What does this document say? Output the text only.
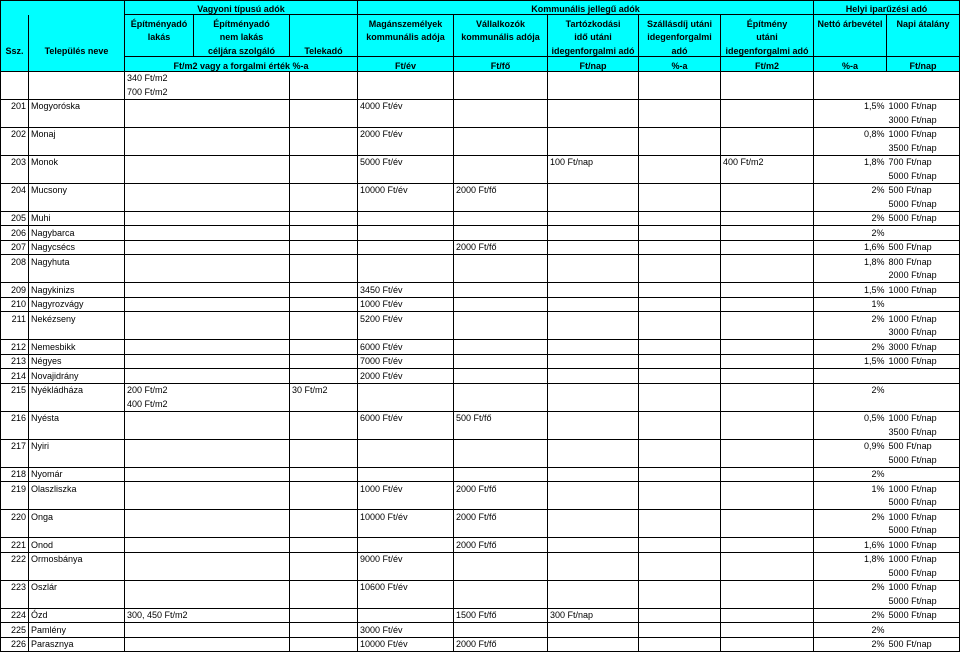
		Vagyoni típusú adók			Kommunális jellegű adók					Helyi iparűzési adó	
Ssz.	Település neve	Építményadó	Építményadó	Telekadó	Magánszemélyek	Vállalkozók	Tartózkodási	Szállásdíj utáni	Építmény	Nettó árbevétel	Napi átalány
		lakás	nem lakás		kommunális adója	kommunális adója	idő utáni	idegenforgalmi	utáni		
			céljára szolgáló				idegenforgalmi adó	adó	idegenforgalmi adó		
		Ft/m2 vagy a forgalmi érték %-a			Ft/év	Ft/fő	Ft/nap	%-a	Ft/m2	%-a	Ft/nap
		340 Ft/m2									
		700 Ft/m2									
201	Mogyoróska				4000 Ft/év					1,5%	1000 Ft/nap
											3000 Ft/nap
202	Monaj				2000 Ft/év					0,8%	1000 Ft/nap
											3500 Ft/nap
203	Monok				5000 Ft/év		100 Ft/nap		400 Ft/m2	1,8%	700 Ft/nap
											5000 Ft/nap
204	Mucsony				10000 Ft/év	2000 Ft/fő				2%	500 Ft/nap
											5000 Ft/nap
205	Muhi									2%	5000 Ft/nap
206	Nagybarca									2%	
207	Nagycsécs					2000 Ft/fő				1,6%	500 Ft/nap
208	Nagyhuta									1,8%	800 Ft/nap
											2000 Ft/nap
209	Nagykinizs				3450 Ft/év					1,5%	1000 Ft/nap
210	Nagyrozvágy				1000 Ft/év					1%	
211	Nekézseny				5200 Ft/év					2%	1000 Ft/nap
											3000 Ft/nap
212	Nemesbikk				6000 Ft/év					2%	3000 Ft/nap
213	Négyes				7000 Ft/év					1,5%	1000 Ft/nap
214	Novajidrány				2000 Ft/év						
215	Nyékládháza	200 Ft/m2		30 Ft/m2						2%	
		400 Ft/m2									
216	Nyésta				6000 Ft/év	500 Ft/fő				0,5%	1000 Ft/nap
											3500 Ft/nap
217	Nyiri									0,9%	500 Ft/nap
											5000 Ft/nap
218	Nyomár									2%	
219	Olaszliszka				1000 Ft/év	2000 Ft/fő				1%	1000 Ft/nap
											5000 Ft/nap
220	Onga				10000 Ft/év	2000 Ft/fő				2%	1000 Ft/nap
											5000 Ft/nap
221	Onod					2000 Ft/fő				1,6%	1000 Ft/nap
222	Ormosbánya				9000 Ft/év					1,8%	1000 Ft/nap
											5000 Ft/nap
223	Oszlár				10600 Ft/év					2%	1000 Ft/nap
											5000 Ft/nap
224	Ózd	300, 450 Ft/m2				1500 Ft/fő	300 Ft/nap			2%	5000 Ft/nap
225	Pamlény				3000 Ft/év					2%	
226	Parasznya				10000 Ft/év	2000 Ft/fő				2%	500 Ft/nap
